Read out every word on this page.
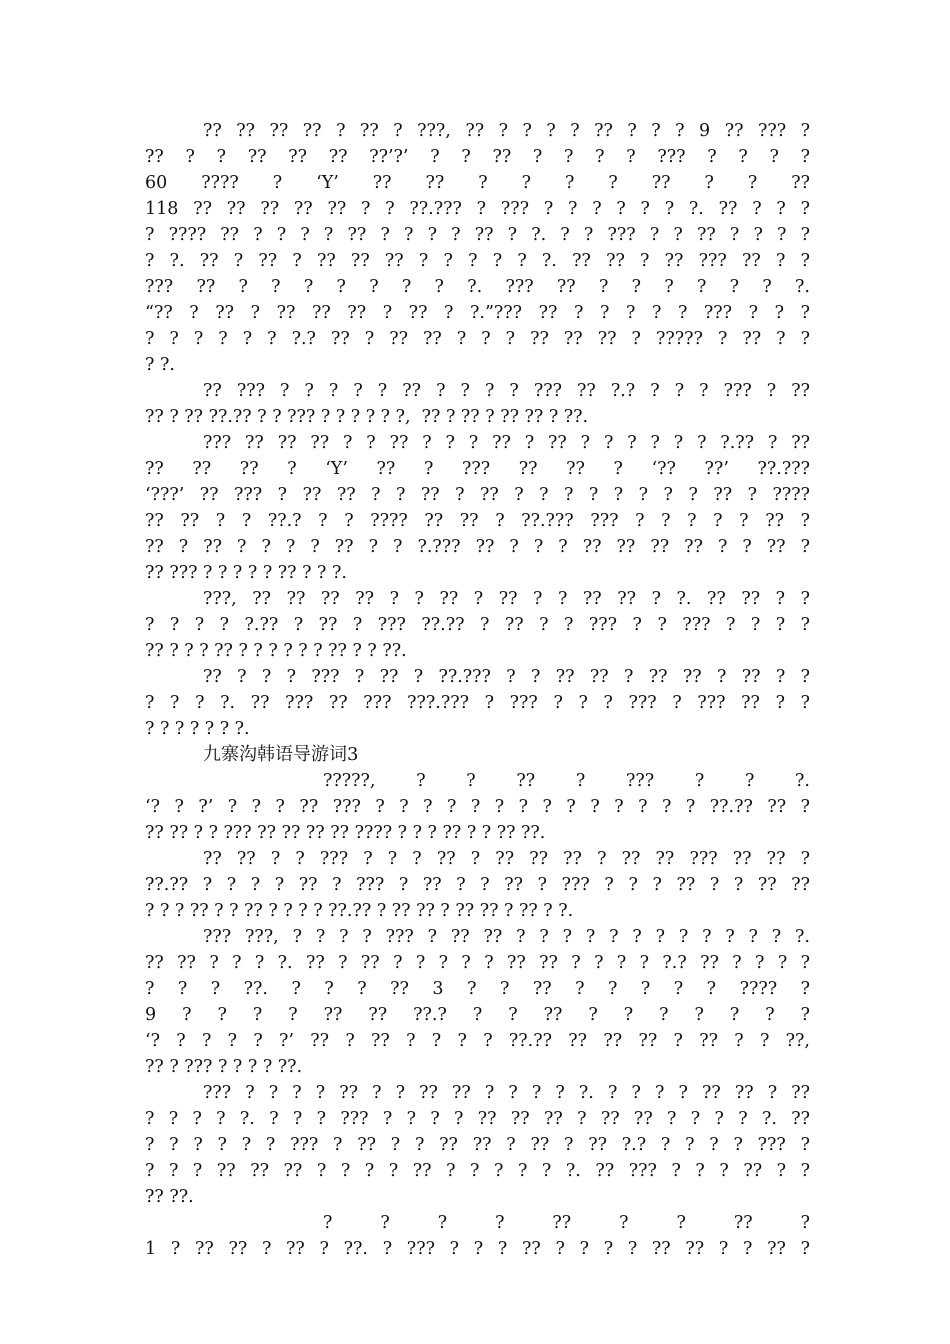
?? ?? ?? ?? ? ?? ? ???, ?? ? ? ? ? ?? ? ? ? 9 ?? ??? ?
?? ? ? ?? ?? ?? ??’?’ ? ? ?? ? ? ? ? ??? ? ? ? ?
60 ???? ? ‘Y’ ?? ?? ? ? ? ? ?? ? ? ??
118 ?? ?? ?? ?? ?? ? ? ??.??? ? ??? ? ? ? ? ? ? ?. ?? ? ? ?
? ???? ?? ? ? ? ? ?? ? ? ? ? ?? ? ?. ? ? ??? ? ? ?? ? ? ? ?
? ?. ?? ? ?? ? ?? ?? ?? ? ? ? ? ? ?. ?? ?? ? ?? ??? ?? ? ?
??? ?? ? ? ? ? ? ? ? ?. ??? ?? ? ? ? ? ? ? ?.
“?? ? ?? ? ?? ?? ?? ? ?? ? ?.”??? ?? ? ? ? ? ? ??? ? ? ?
? ? ? ? ? ? ?.? ?? ? ?? ?? ? ? ? ?? ?? ?? ? ????? ? ?? ? ?
? ?.
?? ??? ? ? ? ? ? ?? ? ? ? ? ??? ?? ?.? ? ? ? ??? ? ??
?? ? ?? ??.?? ? ? ??? ? ? ? ? ? ?,  ?? ? ?? ? ?? ?? ? ??.
??? ?? ?? ?? ? ? ?? ? ? ? ?? ? ?? ? ? ? ? ? ? ?.?? ? ??
?? ?? ?? ? ‘Y’ ?? ? ??? ?? ?? ? ‘?? ??’ ??.???
‘???’ ?? ??? ? ?? ?? ? ? ?? ? ?? ? ? ? ? ? ? ? ? ?? ? ????
?? ?? ? ? ??.? ? ? ???? ?? ?? ? ??.??? ??? ? ? ? ? ? ?? ?
?? ? ?? ? ? ? ? ?? ? ? ?.??? ?? ? ? ? ?? ?? ?? ?? ? ? ?? ?
?? ??? ? ? ? ? ? ?? ? ? ?.
???, ?? ?? ?? ?? ? ? ?? ? ?? ? ? ?? ?? ? ?. ?? ?? ? ?
? ? ? ? ?.?? ? ?? ? ??? ??.?? ? ?? ? ? ??? ? ? ??? ? ? ? ?
?? ? ? ? ?? ? ? ? ? ? ? ?? ? ? ??.
?? ? ? ? ??? ? ?? ? ??.??? ? ? ?? ?? ? ?? ?? ? ?? ? ?
? ? ? ?. ?? ??? ?? ??? ???.??? ? ??? ? ? ? ??? ? ??? ?? ? ?
? ? ? ? ? ? ?.
九寨沟韩语导游词3
?????, ? ? ?? ? ??? ? ? ?.
‘? ? ?’ ? ? ? ?? ??? ? ? ? ? ? ? ? ? ? ? ? ? ? ? ??.?? ?? ?
?? ?? ? ? ??? ?? ?? ?? ?? ???? ? ? ? ?? ? ? ?? ??.
?? ?? ? ? ??? ? ? ? ?? ? ?? ?? ?? ? ?? ?? ??? ?? ?? ?
??.?? ? ? ? ? ?? ? ??? ? ?? ? ? ?? ? ??? ? ? ? ?? ? ? ?? ??
? ? ? ?? ? ? ?? ? ? ? ? ??.?? ? ?? ?? ? ?? ?? ? ?? ? ?.
??? ???, ? ? ? ? ??? ? ?? ?? ? ? ? ? ? ? ? ? ? ? ? ? ?.
?? ?? ? ? ? ?. ?? ? ?? ? ? ? ? ? ?? ?? ? ? ? ? ?.? ?? ? ? ? ?
? ? ? ??. ? ? ? ?? 3 ? ? ?? ? ? ? ? ? ???? ?
9 ? ? ? ? ?? ?? ??.? ? ? ?? ? ? ? ? ? ? ?
‘? ? ? ? ? ?’ ?? ? ?? ? ? ? ? ??.?? ?? ?? ?? ? ?? ? ? ??,
?? ? ??? ? ? ? ? ??.
??? ? ? ? ? ?? ? ? ?? ?? ? ? ? ? ?. ? ? ? ? ?? ?? ? ??
? ? ? ? ?. ? ? ? ??? ? ? ? ? ?? ?? ?? ? ?? ?? ? ? ? ? ?. ??
? ? ? ? ? ? ??? ? ?? ? ? ?? ?? ? ?? ? ?? ?.? ? ? ? ? ??? ?
? ? ? ?? ?? ?? ? ? ? ? ?? ? ? ? ? ? ?. ?? ??? ? ? ? ?? ? ?
?? ??.
? ? ? ? ?? ? ? ?? ?
1 ? ?? ?? ? ?? ? ??. ? ??? ? ? ? ?? ? ? ? ? ?? ?? ? ? ?? ?
